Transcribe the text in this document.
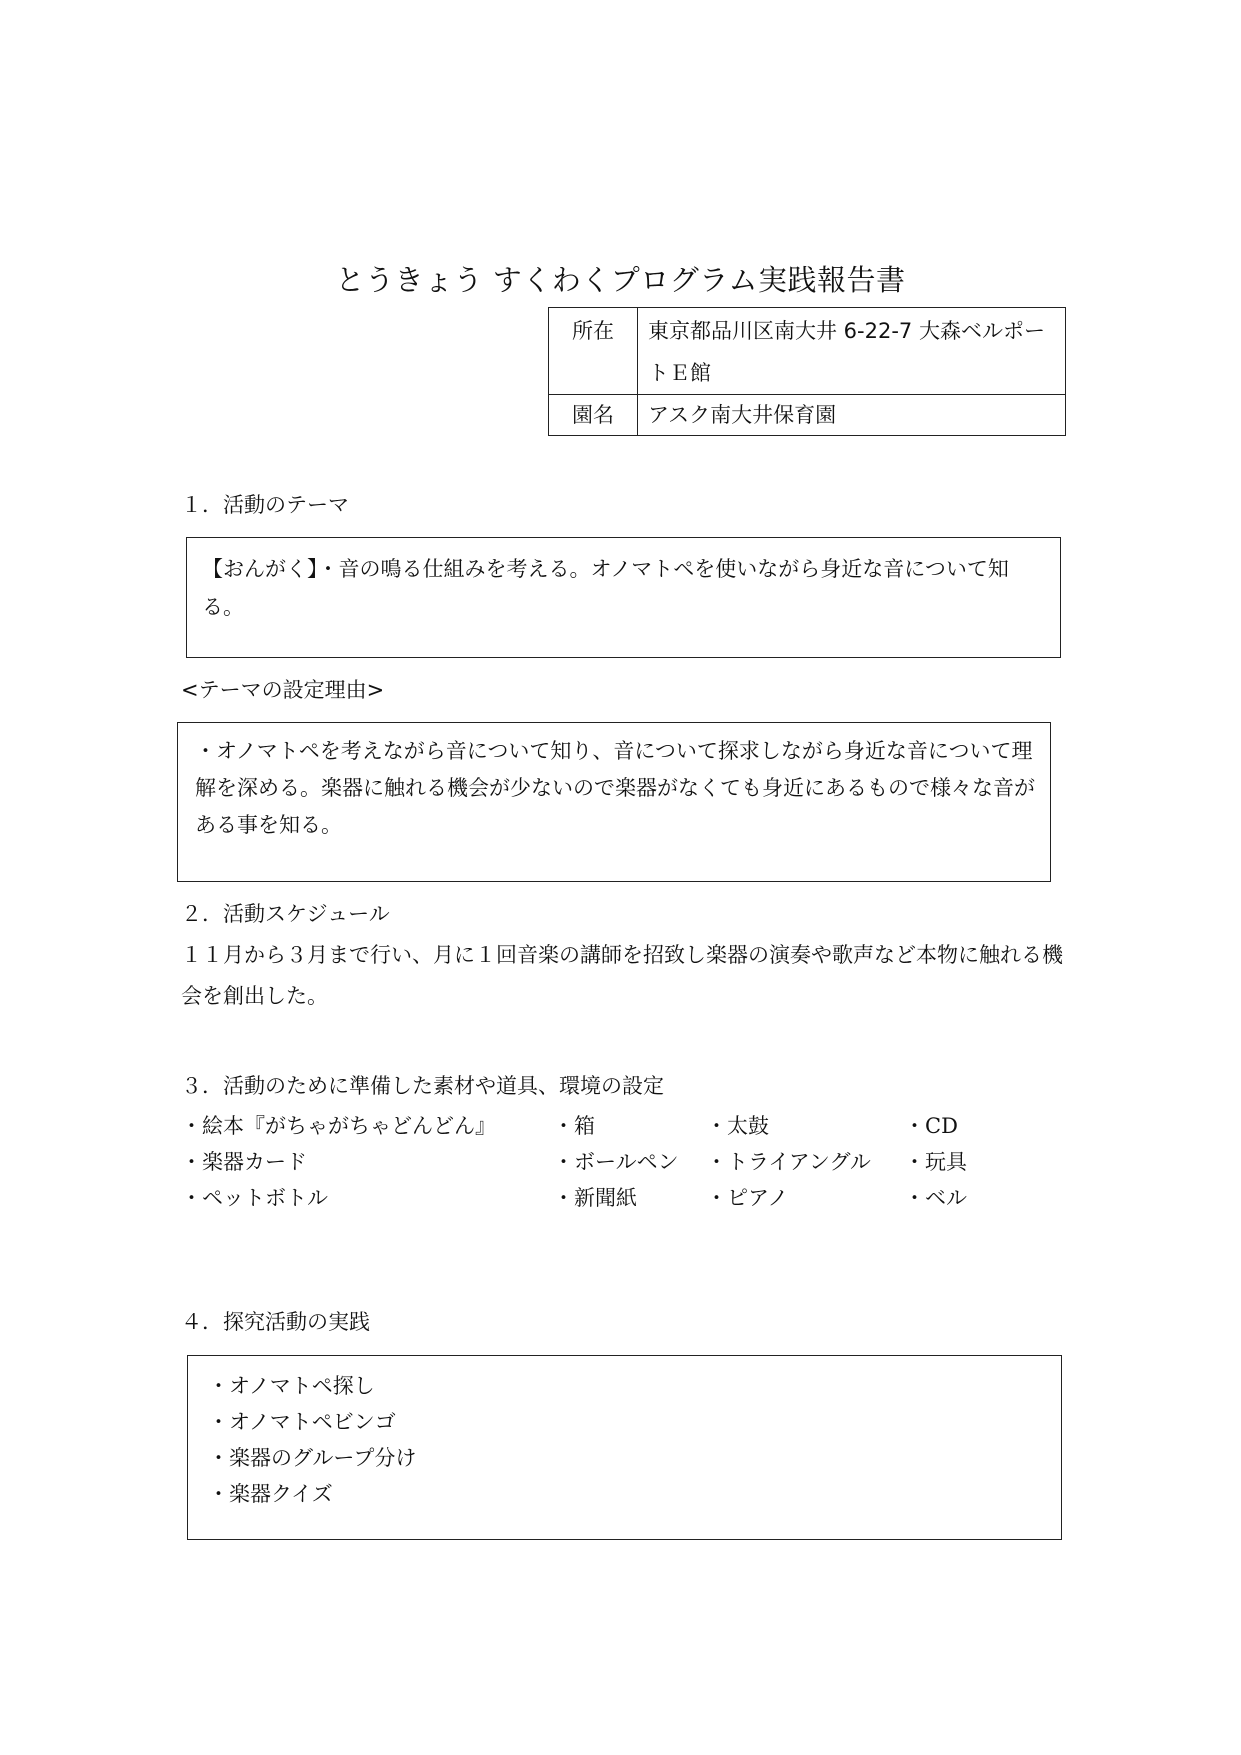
とうきょう すくわくプログラム実践報告書
所在	東京都品川区南大井 6-22-7 大森ベルポートＥ館
園名	アスク南大井保育園
１．活動のテーマ

【おんがく】・音の鳴る仕組みを考える。オノマトペを使いながら身近な音について知る。

<テーマの設定理由>

・オノマトペを考えながら音について知り、音について探求しながら身近な音について理解を深める。楽器に触れる機会が少ないので楽器がなくても身近にあるもので様々な音がある事を知る。

２．活動スケジュール
１１月から３月まで行い、月に１回音楽の講師を招致し楽器の演奏や歌声など本物に触れる機会を創出した。
３．活動のために準備した素材や道具、環境の設定
・絵本『がちゃがちゃどんどん』	・箱	・太鼓	・CD
・楽器カード	・ボールペン ・トライアングル ・玩具
・ペットボトル	・新聞紙	・ピアノ	・ベル
４．探究活動の実践
・オノマトペ探し
・オノマトペビンゴ
・楽器のグループ分け
・楽器クイズ
